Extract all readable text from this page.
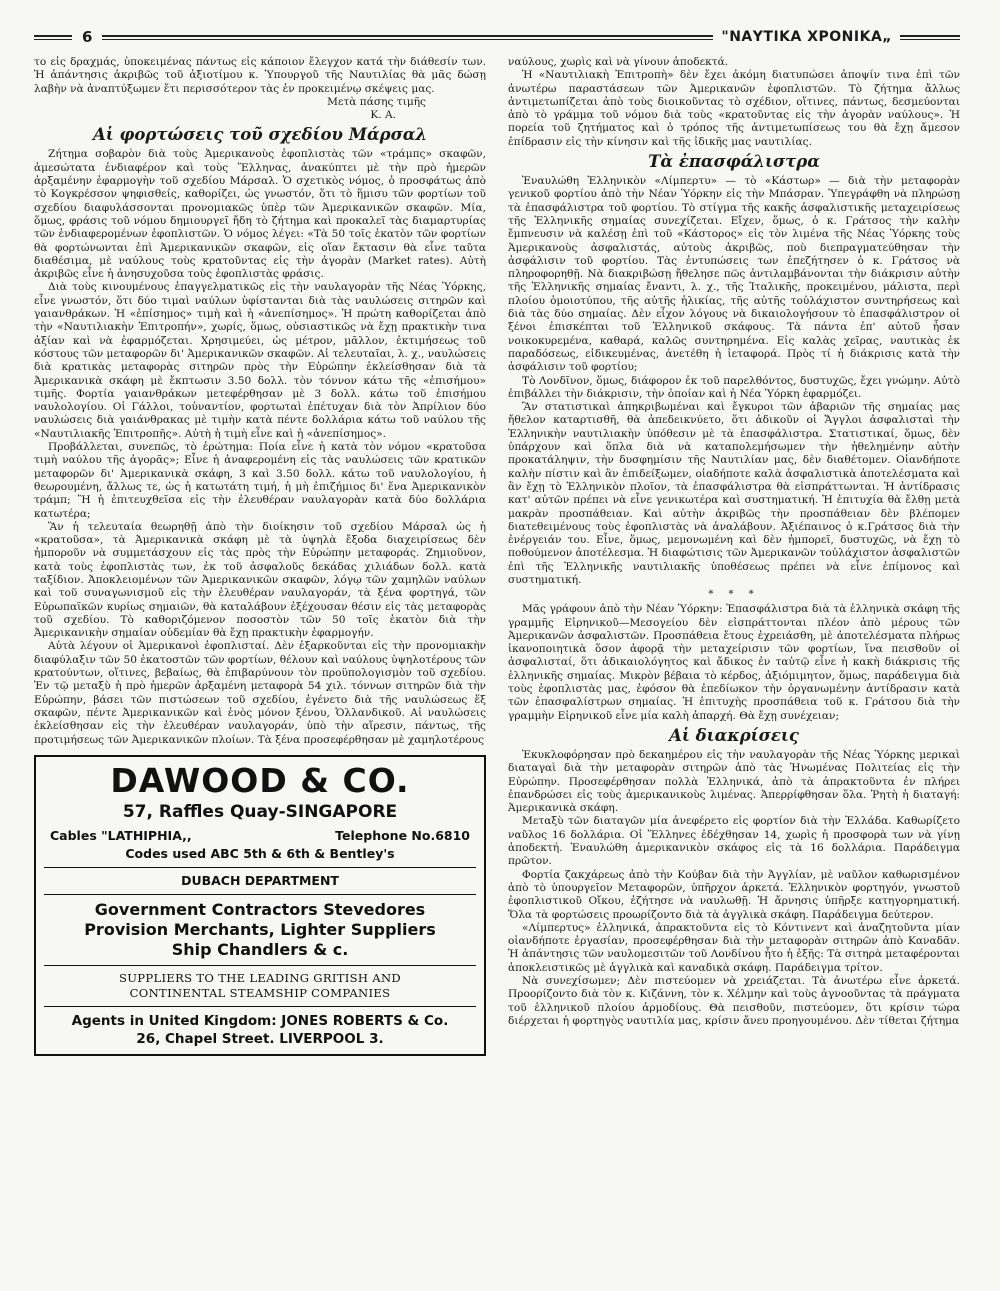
6	"ΝΑΥΤΙΚΑ ΧΡΟΝΙΚΑ„

το εἰς δραχμάς, ὑποκειμένας πάντως εἰς κάποιον ἔλεγχον κατά τὴν διάθεσίν των. Ἡ ἀπάντησις ἀκριβῶς τοῦ ἀξιοτίμου κ. Ὑπουργοῦ τῆς Ναυτιλίας θὰ μᾶς δώσῃ λαβὴν νὰ ἀναπτύξωμεν ἔτι περισσότερον τὰς ἐν προκειμένῳ σκέψεις μας.

Μετὰ πάσης τιμῆς

Κ. Α.

Αἱ φορτώσεις τοῦ σχεδίου Μάρσαλ

Ζήτημα σοβαρὸν διὰ τοὺς Ἀμερικανοὺς ἐφοπλιστὰς τῶν «τράμπς» σκαφῶν, ἀμεσώτατα ἐνδιαφέρον καὶ τοὺς Ἕλληνας, ἀνακύπτει μὲ τὴν πρὸ ἡμερῶν ἀρξαμένην ἐφαρμογὴν τοῦ σχεδίου Μάρσαλ. Ὁ σχετικὸς νόμος, ὁ προσφάτως ἀπὸ τὸ Κογκρέσσον ψηφισθείς, καθορίζει, ὡς γνωστόν, ὅτι τὸ ἥμισυ τῶν φορτίων τοῦ σχεδίου διαφυλάσσονται προνομιακῶς ὑπὲρ τῶν Ἀμερικανικῶν σκαφῶν. Μία, ὅμως, φράσις τοῦ νόμου δημιουργεῖ ἤδη τὸ ζήτημα καὶ προκαλεῖ τὰς διαμαρτυρίας τῶν ἐνδιαφερομένων ἐφοπλιστῶν. Ὁ νόμος λέγει: «Τὰ 50 τοῖς ἑκατὸν τῶν φορτίων θὰ φορτώνωνται ἐπὶ Ἀμερικανικῶν σκαφῶν, εἰς οἵαν ἔκτασιν θὰ εἶνε ταῦτα διαθέσιμα, μὲ ναύλους τοὺς κρατοῦντας εἰς τὴν ἀγορὰν (Market rates). Αὐτὴ ἀκριβῶς εἶνε ἡ ἀνησυχοῦσα τοὺς ἐφοπλιστὰς φράσις.

Διὰ τοὺς κινουμένους ἐπαγγελματικῶς εἰς τὴν ναυλαγορὰν τῆς Νέας Ὑόρκης, εἶνε γνωστόν, ὅτι δύο τιμαὶ ναύλων ὑφίστανται διὰ τὰς ναυλώσεις σιτηρῶν καὶ γαιανθράκων. Ἡ «ἐπίσημος» τιμὴ καὶ ἡ «ἀνεπίσημος». Ἡ πρώτη καθορίζεται ἀπὸ τὴν «Ναυτιλιακὴν Ἐπιτροπήν», χωρίς, ὅμως, οὐσιαστικῶς νὰ ἔχῃ πρακτικὴν τινα ἀξίαν καὶ νὰ ἐφαρμόζεται. Χρησιμεύει, ὡς μέτρον, μᾶλλον, ἐκτιμήσεως τοῦ κόστους τῶν μεταφορῶν δι' Ἀμερικανικῶν σκαφῶν. Αἱ τελευταῖαι, λ. χ., ναυλώσεις διὰ κρατικὰς μεταφορὰς σιτηρῶν πρὸς τὴν Εὐρώπην ἐκλείσθησαν διὰ τὰ Ἀμερικανικὰ σκάφη μὲ ἔκπτωσιν 3.50 δολλ. τὸν τόννον κάτω τῆς «ἐπισήμου» τιμῆς. Φορτία γαιανθράκων μετεφέρθησαν μὲ 3 δολλ. κάτω τοῦ ἐπισήμου ναυλολογίου. Οἱ Γάλλοι, τοὐναντίον, φορτωταὶ ἐπέτυχαν διὰ τὸν Ἀπρίλιον δύο ναυλώσεις διὰ γαιάνθρακας μὲ τιμὴν κατὰ πέντε δολλάρια κάτω τοῦ ναύλου τῆς «Ναυτιλιακῆς Ἐπιτροπῆς». Αὐτὴ ἡ τιμὴ εἶνε καὶ ἡ «ἀνεπίσημος».

Προβάλλεται, συνεπῶς, τὸ ἐρώτημα: Ποία εἶνε ἡ κατὰ τὸν νόμον «κρατοῦσα τιμὴ ναύλου τῆς ἀγορᾶς»; Εἶνε ἡ ἀναφερομένη εἰς τὰς ναυλώσεις τῶν κρατικῶν μεταφορῶν δι' Ἀμερικανικὰ σκάφη, 3 καὶ 3.50 δολλ. κάτω τοῦ ναυλολογίου, ἡ θεωρουμένη, ἄλλως τε, ὡς ἡ κατωτάτη τιμή, ἡ μὴ ἐπιζήμιος δι' ἕνα Ἀμερικανικὸν τράμπ; Ἢ ἡ ἐπιτευχθεῖσα εἰς τὴν ἐλευθέραν ναυλαγορὰν κατὰ δύο δολλάρια κατωτέρα;

Ἂν ἡ τελευταία θεωρηθῇ ἀπὸ τὴν διοίκησιν τοῦ σχεδίου Μάρσαλ ὡς ἡ «κρατοῦσα», τὰ Ἀμερικανικὰ σκάφη μὲ τὰ ὑψηλὰ ἔξοδα διαχειρίσεως δὲν ἠμποροῦν νὰ συμμετάσχουν εἰς τὰς πρὸς τὴν Εὐρώπην μεταφοράς. Ζημιοῦνον, κατὰ τοὺς ἐφοπλιστὰς των, ἐκ τοῦ ἀσφαλοῦς δεκάδας χιλιάδων δολλ. κατὰ ταξίδιον. Ἀποκλειομένων τῶν Ἀμερικανικῶν σκαφῶν, λόγῳ τῶν χαμηλῶν ναύλων καὶ τοῦ συναγωνισμοῦ εἰς τὴν ἐλευθέραν ναυλαγοράν, τὰ ξένα φορτηγά, τῶν Εὐρωπαϊκῶν κυρίως σημαιῶν, θὰ καταλάβουν ἐξέχουσαν θέσιν εἰς τὰς μεταφορὰς τοῦ σχεδίου. Τὸ καθοριζόμενον ποσοστὸν τῶν 50 τοῖς ἑκατὸν διὰ τὴν Ἀμερικανικὴν σημαίαν οὐδεμίαν θὰ ἔχῃ πρακτικὴν ἐφαρμογήν.

Αὐτὰ λέγουν οἱ Ἀμερικανοὶ ἐφοπλισταί. Δὲν ἐξαρκοῦνται εἰς τὴν προνομιακὴν διαφύλαξιν τῶν 50 ἑκατοστῶν τῶν φορτίων, θέλουν καὶ ναύλους ὑψηλοτέρους τῶν κρατούντων, οἵτινες, βεβαίως, θὰ ἐπιβαρύνουν τὸν προϋπολογισμὸν τοῦ σχεδίου. Ἐν τῷ μεταξὺ ἡ πρὸ ἡμερῶν ἀρξαμένη μεταφορὰ 54 χιλ. τόννων σιτηρῶν διὰ τὴν Εὐρώπην, βάσει τῶν πιστώσεων τοῦ σχεδίου, ἐγένετο διὰ τῆς ναυλώσεως ἕξ σκαφῶν, πέντε Ἀμερικανικῶν καὶ ἑνὸς μόνον ξένου, Ὁλλανδικοῦ. Αἱ ναυλώσεις ἐκλείσθησαν εἰς τὴν ἐλευθέραν ναυλαγοράν, ὑπὸ τὴν αἵρεσιν, πάντως, τῆς προτιμήσεως τῶν Ἀμερικανικῶν πλοίων. Τὰ ξένα προσεφέρθησαν μὲ χαμηλοτέρους

DAWOOD & CO.
57, Raffles Quay-SINGAPORE
Cables "LATHIPHIA,,	Telephone No.6810
Codes used ABC 5th & 6th & Bentley's
DUBACH DEPARTMENT
Government Contractors Stevedores
Provision Merchants, Lighter Suppliers
Ship Chandlers & c.
SUPPLIERS TO THE LEADING GRITISH AND
CONTINENTAL STEAMSHIP COMPANIES
Agents in United Kingdom: JONES ROBERTS & Co.
26, Chapel Street. LIVERPOOL 3.

ναύλους, χωρὶς καὶ νὰ γίνουν ἀποδεκτά.

Ἡ «Ναυτιλιακὴ Ἐπιτροπὴ» δὲν ἔχει ἀκόμη διατυπώσει ἀποψίν τινα ἐπὶ τῶν ἀνωτέρω παραστάσεων τῶν Ἀμερικανῶν ἐφοπλιστῶν. Τὸ ζήτημα ἄλλως ἀντιμετωπίζεται ἀπὸ τοὺς διοικοῦντας τὸ σχέδιον, οἵτινες, πάντως, δεσμεύονται ἀπὸ τὸ γράμμα τοῦ νόμου διὰ τοὺς «κρατοῦντας εἰς τὴν ἀγορὰν ναύλους». Ἡ πορεία τοῦ ζητήματος καὶ ὁ τρόπος τῆς ἀντιμετωπίσεως του θὰ ἔχῃ ἄμεσον ἐπίδρασιν εἰς τὴν κίνησιν καὶ τῆς ἰδικῆς μας ναυτιλίας.

Τὰ ἐπασφάλιστρα

Ἐναυλώθη Ἑλληνικὸν «Λίμπερτυ» — τὸ «Κάστωρ» — διὰ τὴν μεταφορὰν γενικοῦ φορτίου ἀπὸ τὴν Νέαν Ὑόρκην εἰς τὴν Μπάσραν. Ὑπεγράφθη νὰ πληρώσῃ τὰ ἐπασφάλιστρα τοῦ φορτίου. Τὸ στίγμα τῆς κακῆς ἀσφαλιστικῆς μεταχειρίσεως τῆς Ἑλληνικῆς σημαίας συνεχίζεται. Εἴχεν, ὅμως, ὁ κ. Γράτσος τὴν καλὴν ἔμπνευσιν νὰ καλέσῃ ἐπὶ τοῦ «Κάστορος» εἰς τὸν λιμένα τῆς Νέας Ὑόρκης τοὺς Ἀμερικανοὺς ἀσφαλιστάς, αὐτοὺς ἀκριβῶς, ποὺ διεπραγματεύθησαν τὴν ἀσφάλισιν τοῦ φορτίου. Τὰς ἐντυπώσεις των ἐπεζήτησεν ὁ κ. Γράτσος νὰ πληροφορηθῇ. Νὰ διακριβώσῃ ἤθελησε πῶς ἀντιλαμβάνονται τὴν διάκρισιν αὐτὴν τῆς Ἑλληνικῆς σημαίας ἔναντι, λ. χ., τῆς Ἰταλικῆς, προκειμένου, μάλιστα, περὶ πλοίου ὁμοιοτύπου, τῆς αὐτῆς ἡλικίας, τῆς αὐτῆς τοὐλάχιστον συντηρήσεως καὶ διὰ τὰς δύο σημαίας. Δὲν εἶχον λόγους νὰ δικαιολογήσουν τὸ ἐπασφάλιστρον οἱ ξένοι ἐπισκέπται τοῦ Ἑλληνικοῦ σκάφους. Τὰ πάντα ἐπ' αὐτοῦ ἦσαν νοικοκυρεμένα, καθαρά, καλῶς συντηρημένα. Εἰς καλὰς χεῖρας, ναυτικὰς ἐκ παραδόσεως, εἰδικευμένας, ἀνετέθη ἡ ἰεταφορά. Πρὸς τί ἡ διάκρισις κατὰ τὴν ἀσφάλισιν τοῦ φορτίου;

Τὸ Λονδῖνον, ὅμως, διάφορον ἐκ τοῦ παρελθόντος, δυστυχῶς, ἔχει γνώμην. Αὐτὸ ἐπιβάλλει τὴν διάκρισιν, τὴν ὁποίαν καὶ ἡ Νέα Ὑόρκη ἐφαρμόζει.

Ἂν στατιστικαὶ ἀπηκριβωμέναι καὶ ἔγκυροι τῶν ἀβαριῶν τῆς σημαίας μας ἤθελον καταρτισθῆ, θὰ ἀπεδεικνύετο, ὅτι ἀδικοῦν οἱ Ἄγγλοι ἀσφαλισταὶ τὴν Ἑλληνικὴν ναυτιλιακὴν ὑπόθεσιν μὲ τὰ ἐπασφάλιστρα. Στατιστικαί, ὅμως, δὲν ὑπάρχουν καὶ ὅπλα διὰ νὰ καταπολεμήσωμεν τὴν ἠθελημένην αὐτὴν προκατάληψιν, τὴν δυσφημίσιν τῆς Ναυτιλίαν μας, δὲν διαθέτομεν. Οἱανδήποτε καλὴν πίστιν καὶ ἂν ἐπιδείξωμεν, οἱαδήποτε καλὰ ἀσφαλιστικὰ ἀποτελέσματα καὶ ἂν ἔχῃ τὸ Ἑλληνικὸν πλοῖον, τὰ ἐπασφάλιστρα θὰ εἰσπράττωνται. Ἡ ἀντίδρασις κατ' αὐτῶν πρέπει νὰ εἶνε γενικωτέρα καὶ συστηματική. Ἡ ἐπιτυχία θὰ ἔλθῃ μετὰ μακρὰν προσπάθειαν. Καὶ αὐτὴν ἀκριβῶς τὴν προσπάθειαν δὲν βλέπομεν διατεθειμένους τοὺς ἐφοπλιστὰς νὰ ἀναλάβουν. Ἀξιέπαινος ὁ κ.Γράτσος διὰ τὴν ἐνέργειάν του. Εἶνε, ὅμως, μεμονωμένη καὶ δὲν ἠμπορεῖ, δυστυχῶς, νὰ ἔχῃ τὸ ποθούμενον ἀποτέλεσμα. Ἡ διαφώτισις τῶν Ἀμερικανῶν τοὐλάχιστον ἀσφαλιστῶν ἐπὶ τῆς Ἑλληνικῆς ναυτιλιακῆς ὑποθέσεως πρέπει νὰ εἶνε ἐπίμονος καὶ συστηματική.

* * *

Μᾶς γράφουν ἀπὸ τὴν Νέαν Ὑόρκην: Ἐπασφάλιστρα διὰ τὰ ἑλληνικὰ σκάφη τῆς γραμμῆς Εἰρηνικοῦ—Μεσογείου δὲν εἰσπράττονται πλέον ἀπὸ μέρους τῶν Ἀμερικανῶν ἀσφαλιστῶν. Προσπάθεια ἔτους ἐχρειάσθη, μὲ ἀποτελέσματα πλήρως ἱκανοποιητικὰ ὅσον ἀφορᾷ τὴν μεταχείρισιν τῶν φορτίων, ἵνα πεισθοῦν οἱ ἀσφαλισταί, ὅτι ἀδικαιολόγητος καὶ ἄδικος ἐν ταὐτῷ εἶνε ἡ κακὴ διάκρισις τῆς ἑλληνικῆς σημαίας. Μικρὸν βέβαια τὸ κέρδος, ἀξιόμιμητον, ὅμως, παράδειγμα διὰ τοὺς ἐφοπλιστὰς μας, ἐφόσον θὰ ἐπεδίωκον τὴν ὀργανωμένην ἀντίδρασιν κατὰ τῶν ἐπασφαλίστρων σημαίας. Ἡ ἐπιτυχὴς προσπάθεια τοῦ κ. Γράτσου διὰ τὴν γραμμὴν Εἰρηνικοῦ εἶνε μία καλὴ ἀπαρχή. Θὰ ἔχῃ συνέχειαν;

Αἱ διακρίσεις

Ἐκυκλοφόρησαν πρὸ δεκαημέρου εἰς τὴν ναυλαγορὰν τῆς Νέας Ὑόρκης μερικαὶ διαταγαὶ διὰ τὴν μεταφορὰν σιτηρῶν ἀπὸ τὰς Ἡνωμένας Πολιτείας εἰς τὴν Εὐρώπην. Προσεφέρθησαν πολλὰ Ἑλληνικά, ἀπὸ τὰ ἀπρακτοῦντα ἐν πλήρει ἐπανδρώσει εἰς τοὺς ἀμερικανικοὺς λιμένας. Ἀπερρίφθησαν ὅλα. Ῥητὴ ἡ διαταγή: Ἀμερικανικὰ σκάφη.

Μεταξὺ τῶν διαταγῶν μία ἀνεφέρετο εἰς φορτίον διὰ τὴν Ἑλλάδα. Καθωρίζετο ναῦλος 16 δολλάρια. Οἱ Ἕλληνες ἐδέχθησαν 14, χωρὶς ἡ προσφορὰ των νὰ γίνῃ ἀποδεκτή. Ἐναυλώθη ἀμερικανικὸν σκάφος εἰς τὰ 16 δολλάρια. Παράδειγμα πρῶτον.

Φορτία ζακχάρεως ἀπὸ τὴν Κούβαν διὰ τὴν Ἀγγλίαν, μὲ ναῦλον καθωρισμένον ἀπὸ τὸ ὑπουργεῖον Μεταφορῶν, ὑπῆρχον ἀρκετά. Ἑλληνικὸν φορτηγόν, γνωστοῦ ἐφοπλιστικοῦ Οἴκου, ἐζήτησε νὰ ναυλωθῇ. Ἡ ἄρνησις ὑπῆρξε κατηγορηματική. Ὅλα τὰ φορτώσεις προωρίζοντο διὰ τὰ ἀγγλικὰ σκάφη. Παράδειγμα δεύτερον.

«Λίμπερτυς» ἑλληνικά, ἀπρακτοῦντα εἰς τὸ Κόντινεντ καὶ ἀναζητοῦντα μίαν οἱανδήποτε ἐργασίαν, προσεφέρθησαν διὰ τὴν μεταφορὰν σιτηρῶν ἀπὸ Καναδᾶν. Ἡ ἀπάντησις τῶν ναυλομεσιτῶν τοῦ Λονδίνου ἦτο ἡ ἑξῆς: Τὰ σιτηρὰ μεταφέρονται ἀποκλειστικῶς μὲ ἀγγλικὰ καὶ καναδικὰ σκάφη. Παράδειγμα τρίτον.

Νὰ συνεχίσωμεν; Δὲν πιστεύομεν νὰ χρειάζεται. Τὰ ἀνωτέρω εἶνε ἀρκετά. Προορίζοντο διὰ τὸν κ. Κιζάννη, τὸν κ. Χέλμην καὶ τοὺς ἀγνοοῦντας τὰ πράγματα τοῦ ἑλληνικοῦ πλοίου ἁρμοδίους. Θὰ πεισθοῦν, πιστεύομεν, ὅτι κρίσιν τώρα διέρχεται ἡ φορτηγὸς ναυτιλία μας, κρίσιν ἄνευ προηγουμένου. Δὲν τίθεται ζήτημα
